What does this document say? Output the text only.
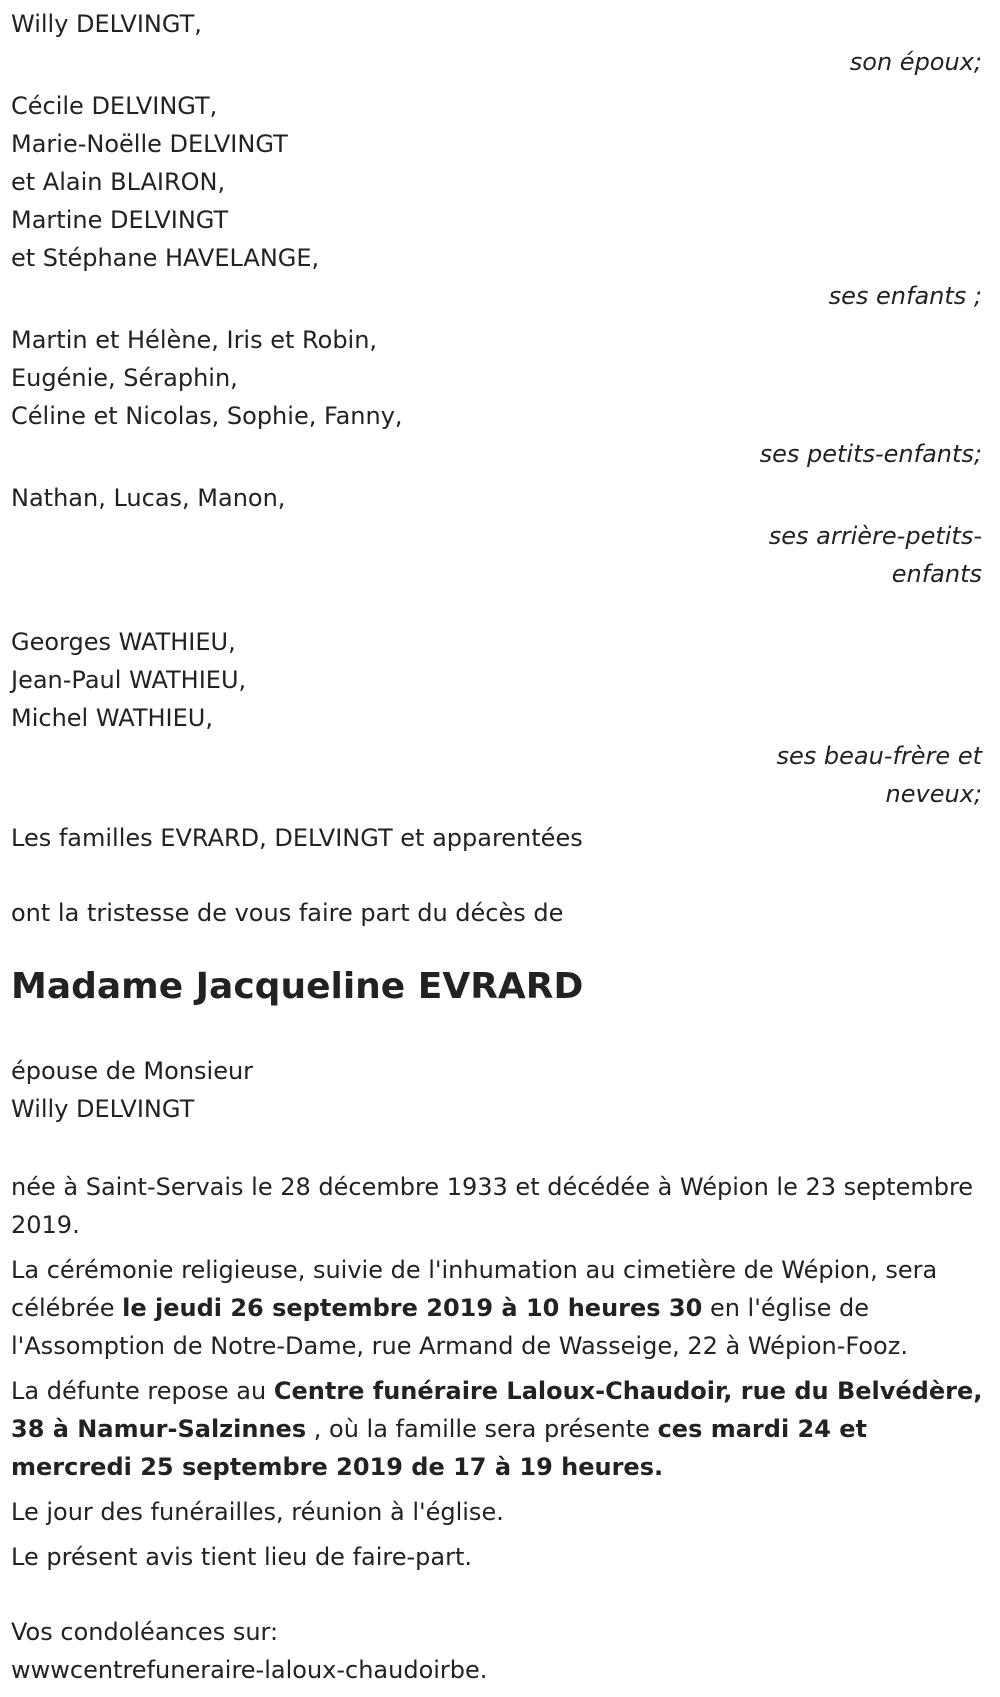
Willy DELVINGT,
son époux;
Cécile DELVINGT,
Marie-Noëlle DELVINGT
et Alain BLAIRON,
Martine DELVINGT
et Stéphane HAVELANGE,
ses enfants ;
Martin et Hélène, Iris et Robin,
Eugénie, Séraphin,
Céline et Nicolas, Sophie, Fanny,
ses petits-enfants;
Nathan, Lucas, Manon,
ses arrière-petits-enfants
Georges WATHIEU,
Jean-Paul WATHIEU,
Michel WATHIEU,
ses beau-frère et neveux;
Les familles EVRARD, DELVINGT et apparentées
ont la tristesse de vous faire part du décès de
Madame Jacqueline EVRARD
épouse de Monsieur
Willy DELVINGT

née à Saint-Servais le 28 décembre 1933 et décédée à Wépion le 23 septembre 2019.

La cérémonie religieuse, suivie de l'inhumation au cimetière de Wépion, sera célébrée le jeudi 26 septembre 2019 à 10 heures 30 en l'église de l'Assomption de Notre-Dame, rue Armand de Wasseige, 22 à Wépion-Fooz.

La défunte repose au Centre funéraire Laloux-Chaudoir, rue du Belvédère, 38 à Namur-Salzinnes , où la famille sera présente ces mardi 24 et mercredi 25 septembre 2019 de 17 à 19 heures.

Le jour des funérailles, réunion à l'église.

Le présent avis tient lieu de faire-part.

Vos condoléances sur:
wwwcentrefuneraire-laloux-chaudoirbe.
